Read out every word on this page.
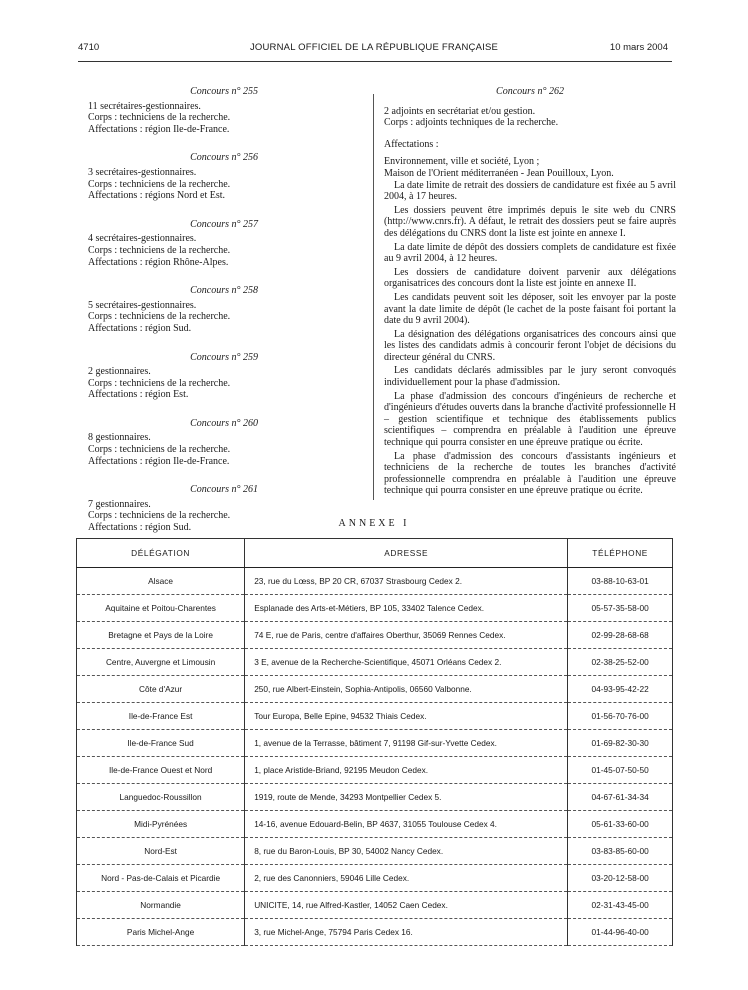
4710	JOURNAL OFFICIEL DE LA RÉPUBLIQUE FRANÇAISE	10 mars 2004
Concours n° 255
11 secrétaires-gestionnaires.
Corps : techniciens de la recherche.
Affectations : région Ile-de-France.
Concours n° 256
3 secrétaires-gestionnaires.
Corps : techniciens de la recherche.
Affectations : régions Nord et Est.
Concours n° 257
4 secrétaires-gestionnaires.
Corps : techniciens de la recherche.
Affectations : région Rhône-Alpes.
Concours n° 258
5 secrétaires-gestionnaires.
Corps : techniciens de la recherche.
Affectations : région Sud.
Concours n° 259
2 gestionnaires.
Corps : techniciens de la recherche.
Affectations : région Est.
Concours n° 260
8 gestionnaires.
Corps : techniciens de la recherche.
Affectations : région Ile-de-France.
Concours n° 261
7 gestionnaires.
Corps : techniciens de la recherche.
Affectations : région Sud.
Concours n° 262
2 adjoints en secrétariat et/ou gestion.
Corps : adjoints techniques de la recherche.
Affectations :
Environnement, ville et société, Lyon ;
Maison de l'Orient méditerranéen - Jean Pouilloux, Lyon.

La date limite de retrait des dossiers de candidature est fixée au 5 avril 2004, à 17 heures.

Les dossiers peuvent être imprimés depuis le site web du CNRS (http://www.cnrs.fr). A défaut, le retrait des dossiers peut se faire auprès des délégations du CNRS dont la liste est jointe en annexe I.

La date limite de dépôt des dossiers complets de candidature est fixée au 9 avril 2004, à 12 heures.

Les dossiers de candidature doivent parvenir aux délégations organisatrices des concours dont la liste est jointe en annexe II.

Les candidats peuvent soit les déposer, soit les envoyer par la poste avant la date limite de dépôt (le cachet de la poste faisant foi portant la date du 9 avril 2004).

La désignation des délégations organisatrices des concours ainsi que les listes des candidats admis à concourir feront l'objet de décisions du directeur général du CNRS.

Les candidats déclarés admissibles par le jury seront convoqués individuellement pour la phase d'admission.

La phase d'admission des concours d'ingénieurs de recherche et d'ingénieurs d'études ouverts dans la branche d'activité professionnelle H – gestion scientifique et technique des établissements publics scientifiques – comprendra en préalable à l'audition une épreuve technique qui pourra consister en une épreuve pratique ou écrite.

La phase d'admission des concours d'assistants ingénieurs et techniciens de la recherche de toutes les branches d'activité professionnelle comprendra en préalable à l'audition une épreuve technique qui pourra consister en une épreuve pratique ou écrite.

ANNEXE I
DÉLÉGATION	ADRESSE	TÉLÉPHONE
Alsace	23, rue du Lœss, BP 20 CR, 67037 Strasbourg Cedex 2.	03-88-10-63-01
Aquitaine et Poitou-Charentes	Esplanade des Arts-et-Métiers, BP 105, 33402 Talence Cedex.	05-57-35-58-00
Bretagne et Pays de la Loire	74 E, rue de Paris, centre d'affaires Oberthur, 35069 Rennes Cedex.	02-99-28-68-68
Centre, Auvergne et Limousin	3 E, avenue de la Recherche-Scientifique, 45071 Orléans Cedex 2.	02-38-25-52-00
Côte d'Azur	250, rue Albert-Einstein, Sophia-Antipolis, 06560 Valbonne.	04-93-95-42-22
Ile-de-France Est	Tour Europa, Belle Epine, 94532 Thiais Cedex.	01-56-70-76-00
Ile-de-France Sud	1, avenue de la Terrasse, bâtiment 7, 91198 Gif-sur-Yvette Cedex.	01-69-82-30-30
Ile-de-France Ouest et Nord	1, place Aristide-Briand, 92195 Meudon Cedex.	01-45-07-50-50
Languedoc-Roussillon	1919, route de Mende, 34293 Montpellier Cedex 5.	04-67-61-34-34
Midi-Pyrénées	14-16, avenue Edouard-Belin, BP 4637, 31055 Toulouse Cedex 4.	05-61-33-60-00
Nord-Est	8, rue du Baron-Louis, BP 30, 54002 Nancy Cedex.	03-83-85-60-00
Nord - Pas-de-Calais et Picardie	2, rue des Canonniers, 59046 Lille Cedex.	03-20-12-58-00
Normandie	UNICITE, 14, rue Alfred-Kastler, 14052 Caen Cedex.	02-31-43-45-00
Paris Michel-Ange	3, rue Michel-Ange, 75794 Paris Cedex 16.	01-44-96-40-00
